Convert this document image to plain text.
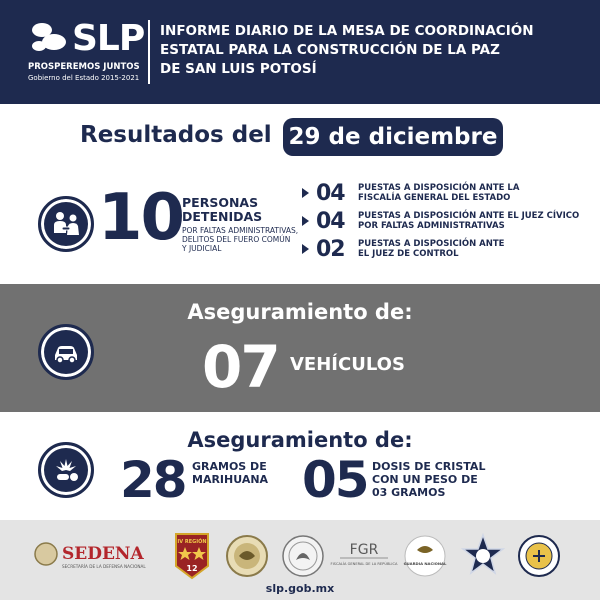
SLP
PROSPEREMOS JUNTOS
Gobierno del Estado 2015-2021
INFORME DIARIO DE LA MESA DE COORDINACIÓN
ESTATAL PARA LA CONSTRUCCIÓN DE LA PAZ
DE SAN LUIS POTOSÍ
Resultados del 29 de diciembre
10
PERSONAS
DETENIDAS
POR FALTAS ADMINISTRATIVAS,
DELITOS DEL FUERO COMÚN
Y JUDICIAL
04 PUESTAS A DISPOSICIÓN ANTE LA
FISCALÍA GENERAL DEL ESTADO
04 PUESTAS A DISPOSICIÓN ANTE EL JUEZ CÍVICO
POR FALTAS ADMINISTRATIVAS
02 PUESTAS A DISPOSICIÓN ANTE
EL JUEZ DE CONTROL
Aseguramiento de:
07 VEHÍCULOS
Aseguramiento de:
28 GRAMOS DE
MARIHUANA 05 DOSIS DE CRISTAL
CON UN PESO DE
03 GRAMOS
SEDENA
SECRETARÍA DE LA DEFENSA NACIONAL
IV REGIÓN
12
FGR
FISCALÍA GENERAL DE LA REPÚBLICA GUARDIA NACIONAL
slp.gob.mx
